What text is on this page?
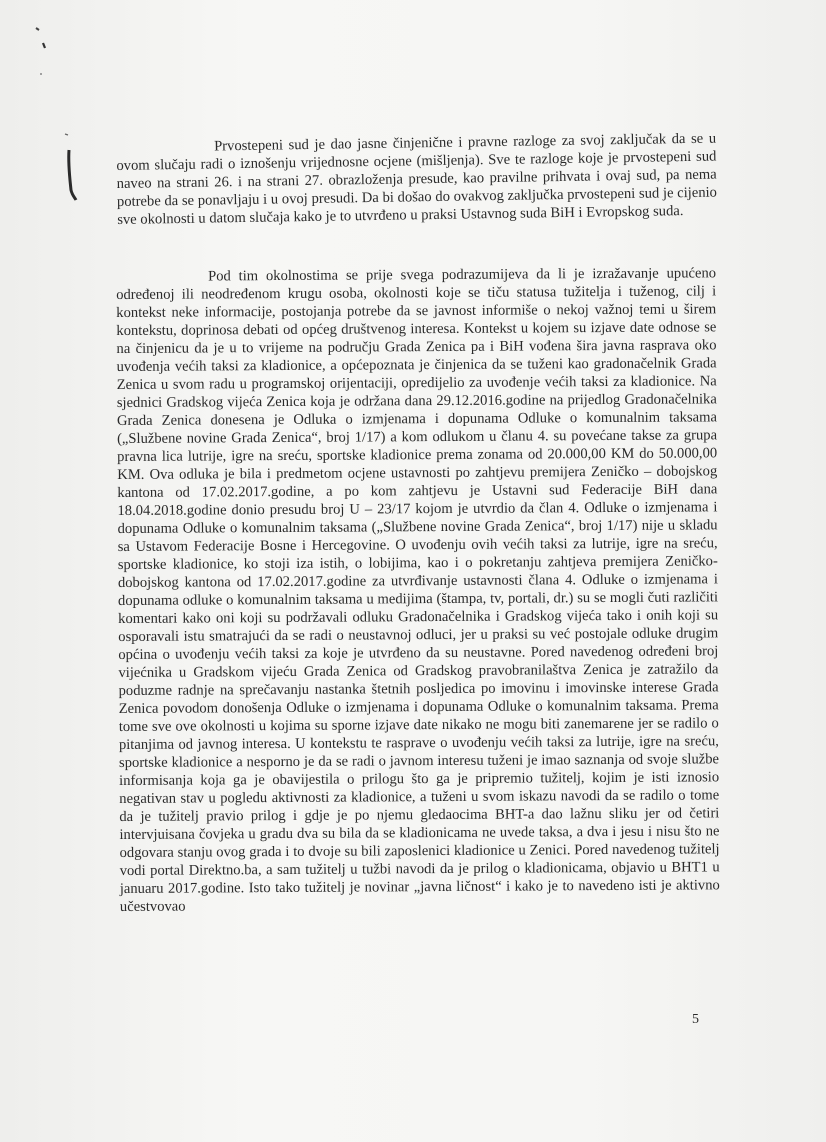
Prvostepeni sud je dao jasne činjenične i pravne razloge za svoj zaključak da se u ovom slučaju radi o iznošenju vrijednosne ocjene (mišljenja). Sve te razloge koje je prvostepeni sud naveo na strani 26. i na strani 27. obrazloženja presude, kao pravilne prihvata i ovaj sud, pa nema potrebe da se ponavljaju i u ovoj presudi. Da bi došao do ovakvog zaključka prvostepeni sud je cijenio sve okolnosti u datom slučaja kako je to utvrđeno u praksi Ustavnog suda BiH i Evropskog suda.

Pod tim okolnostima se prije svega podrazumijeva da li je izražavanje upućeno određenoj ili neodređenom krugu osoba, okolnosti koje se tiču statusa tužitelja i tuženog, cilj i kontekst neke informacije, postojanja potrebe da se javnost informiše o nekoj važnoj temi u širem kontekstu, doprinosa debati od općeg društvenog interesa. Kontekst u kojem su izjave date odnose se na činjenicu da je u to vrijeme na području Grada Zenica pa i BiH vođena šira javna rasprava oko uvođenja većih taksi za kladionice, a općepoznata je činjenica da se tuženi kao gradonačelnik Grada Zenica u svom radu u programskoj orijentaciji, opredijelio za uvođenje većih taksi za kladionice. Na sjednici Gradskog vijeća Zenica koja je održana dana 29.12.2016.godine na prijedlog Gradonačelnika Grada Zenica donesena je Odluka o izmjenama i dopunama Odluke o komunalnim taksama („Službene novine Grada Zenica“, broj 1/17) a kom odlukom u članu 4. su povećane takse za grupa pravna lica lutrije, igre na sreću, sportske kladionice prema zonama od 20.000,00 KM do 50.000,00 KM. Ova odluka je bila i predmetom ocjene ustavnosti po zahtjevu premijera Zeničko – dobojskog kantona od 17.02.2017.godine, a po kom zahtjevu je Ustavni sud Federacije BiH dana 18.04.2018.godine donio presudu broj U – 23/17 kojom je utvrdio da član 4. Odluke o izmjenama i dopunama Odluke o komunalnim taksama („Službene novine Grada Zenica“, broj 1/17) nije u skladu sa Ustavom Federacije Bosne i Hercegovine. O uvođenju ovih većih taksi za lutrije, igre na sreću, sportske kladionice, ko stoji iza istih, o lobijima, kao i o pokretanju zahtjeva premijera Zeničko-dobojskog kantona od 17.02.2017.godine za utvrđivanje ustavnosti člana 4. Odluke o izmjenama i dopunama odluke o komunalnim taksama u medijima (štampa, tv, portali, dr.) su se mogli čuti različiti komentari kako oni koji su podržavali odluku Gradonačelnika i Gradskog vijeća tako i onih koji su osporavali istu smatrajući da se radi o neustavnoj odluci, jer u praksi su već postojale odluke drugim općina o uvođenju većih taksi za koje je utvrđeno da su neustavne. Pored navedenog određeni broj vijećnika u Gradskom vijeću Grada Zenica od Gradskog pravobranilaštva Zenica je zatražilo da poduzme radnje na sprečavanju nastanka štetnih posljedica po imovinu i imovinske interese Grada Zenica povodom donošenja Odluke o izmjenama i dopunama Odluke o komunalnim taksama. Prema tome sve ove okolnosti u kojima su sporne izjave date nikako ne mogu biti zanemarene jer se radilo o pitanjima od javnog interesa. U kontekstu te rasprave o uvođenju većih taksi za lutrije, igre na sreću, sportske kladionice a nesporno je da se radi o javnom interesu tuženi je imao saznanja od svoje službe informisanja koja ga je obavijestila o prilogu što ga je pripremio tužitelj, kojim je isti iznosio negativan stav u pogledu aktivnosti za kladionice, a tuženi u svom iskazu navodi da se radilo o tome da je tužitelj pravio prilog i gdje je po njemu gledaocima BHT-a dao lažnu sliku jer od četiri intervjuisana čovjeka u gradu dva su bila da se kladionicama ne uvede taksa, a dva i jesu i nisu što ne odgovara stanju ovog grada i to dvoje su bili zaposlenici kladionice u Zenici. Pored navedenog tužitelj vodi portal Direktno.ba, a sam tužitelj u tužbi navodi da je prilog o kladionicama, objavio u BHT1 u januaru 2017.godine. Isto tako tužitelj je novinar „javna ličnost“ i kako je to navedeno isti je aktivno učestvovao

5
